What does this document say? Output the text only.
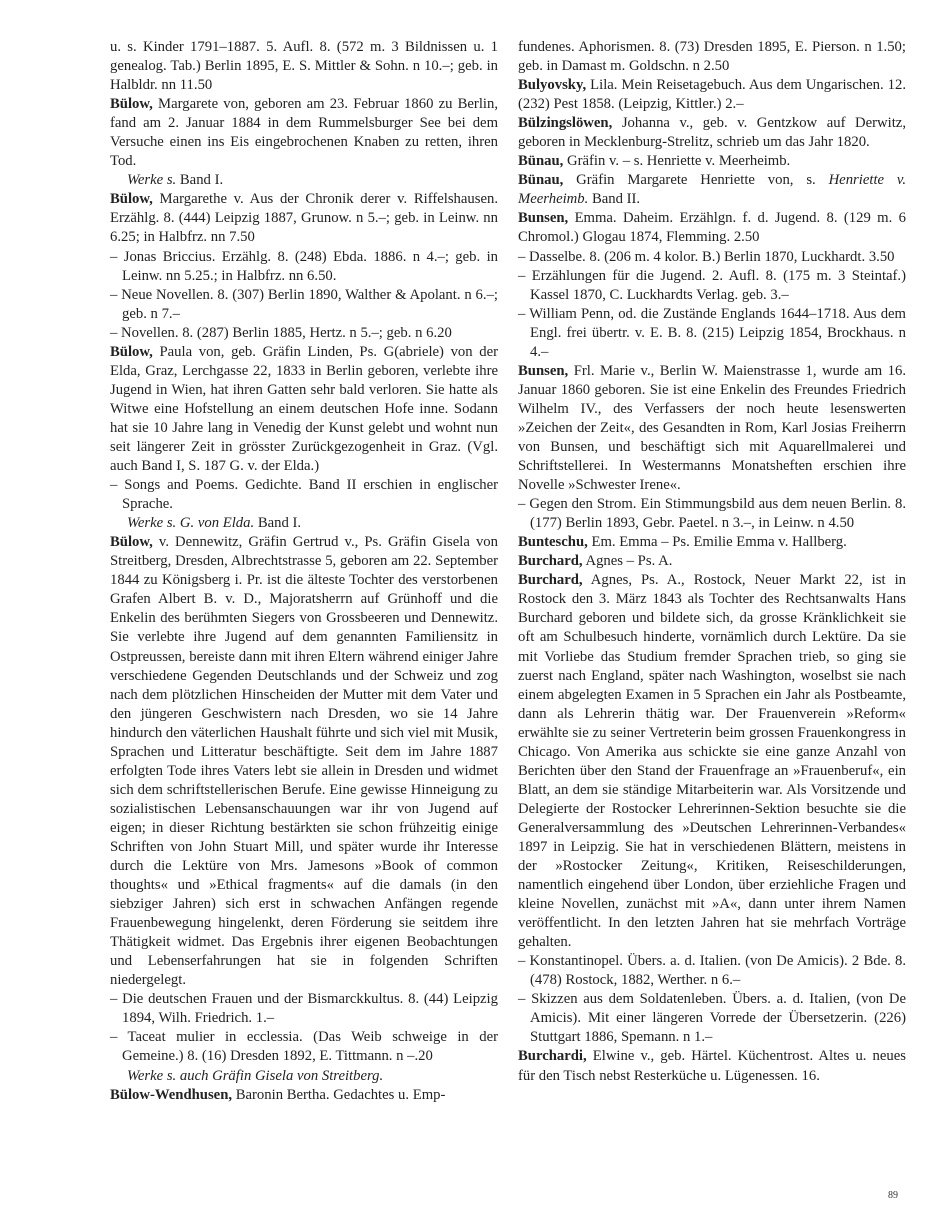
u. s. Kinder 1791–1887. 5. Aufl. 8. (572 m. 3 Bildnissen u. 1 genealog. Tab.) Berlin 1895, E. S. Mittler & Sohn. n 10.–; geb. in Halbldr. nn 11.50

Bülow, Margarete von, geboren am 23. Februar 1860 zu Berlin, fand am 2. Januar 1884 in dem Rummelsburger See bei dem Versuche einen ins Eis eingebrochenen Knaben zu retten, ihren Tod.

Werke s. Band I.

Bülow, Margarethe v. Aus der Chronik derer v. Riffelshausen. Erzählg. 8. (444) Leipzig 1887, Grunow. n 5.–; geb. in Leinw. nn 6.25; in Halbfrz. nn 7.50

– Jonas Briccius. Erzählg. 8. (248) Ebda. 1886. n 4.–; geb. in Leinw. nn 5.25.; in Halbfrz. nn 6.50.

– Neue Novellen. 8. (307) Berlin 1890, Walther & Apolant. n 6.–; geb. n 7.–

– Novellen. 8. (287) Berlin 1885, Hertz. n 5.–; geb. n 6.20

Bülow, Paula von, geb. Gräfin Linden, Ps. G(abriele) von der Elda, Graz, Lerchgasse 22, 1833 in Berlin geboren, verlebte ihre Jugend in Wien, hat ihren Gatten sehr bald verloren. Sie hatte als Witwe eine Hofstellung an einem deutschen Hofe inne. Sodann hat sie 10 Jahre lang in Venedig der Kunst gelebt und wohnt nun seit längerer Zeit in grösster Zurückgezogenheit in Graz. (Vgl. auch Band I, S. 187 G. v. der Elda.)

– Songs and Poems. Gedichte. Band II erschien in englischer Sprache.

Werke s. G. von Elda. Band I.

Bülow, v. Dennewitz, Gräfin Gertrud v., Ps. Gräfin Gisela von Streitberg, Dresden, Albrechtstrasse 5, geboren am 22. September 1844 zu Königsberg i. Pr. ist die älteste Tochter des verstorbenen Grafen Albert B. v. D., Majoratsherrn auf Grünhoff und die Enkelin des berühmten Siegers von Grossbeeren und Dennewitz. Sie verlebte ihre Jugend auf dem genannten Familiensitz in Ostpreussen, bereiste dann mit ihren Eltern während einiger Jahre verschiedene Gegenden Deutschlands und der Schweiz und zog nach dem plötzlichen Hinscheiden der Mutter mit dem Vater und den jüngeren Geschwistern nach Dresden, wo sie 14 Jahre hindurch den väterlichen Haushalt führte und sich viel mit Musik, Sprachen und Litteratur beschäftigte. Seit dem im Jahre 1887 erfolgten Tode ihres Vaters lebt sie allein in Dresden und widmet sich dem schriftstellerischen Berufe. Eine gewisse Hinneigung zu sozialistischen Lebensanschauungen war ihr von Jugend auf eigen; in dieser Richtung bestärkten sie schon frühzeitig einige Schriften von John Stuart Mill, und später wurde ihr Interesse durch die Lektüre von Mrs. Jamesons »Book of common thoughts« und »Ethical fragments« auf die damals (in den siebziger Jahren) sich erst in schwachen Anfängen regende Frauenbewegung hingelenkt, deren Förderung sie seitdem ihre Thätigkeit widmet. Das Ergebnis ihrer eigenen Beobachtungen und Lebenserfahrungen hat sie in folgenden Schriften niedergelegt.

– Die deutschen Frauen und der Bismarckkultus. 8. (44) Leipzig 1894, Wilh. Friedrich. 1.–

– Taceat mulier in ecclessia. (Das Weib schweige in der Gemeine.) 8. (16) Dresden 1892, E. Tittmann. n –.20

Werke s. auch Gräfin Gisela von Streitberg.

Bülow-Wendhusen, Baronin Bertha. Gedachtes u. Emp-

fundenes. Aphorismen. 8. (73) Dresden 1895, E. Pierson. n 1.50; geb. in Damast m. Goldschn. n 2.50

Bulyovsky, Lila. Mein Reisetagebuch. Aus dem Ungarischen. 12. (232) Pest 1858. (Leipzig, Kittler.) 2.–

Bülzingslöwen, Johanna v., geb. v. Gentzkow auf Derwitz, geboren in Mecklenburg-Strelitz, schrieb um das Jahr 1820.

Bünau, Gräfin v. – s. Henriette v. Meerheimb.

Bünau, Gräfin Margarete Henriette von, s. Henriette v. Meerheimb. Band II.

Bunsen, Emma. Daheim. Erzählgn. f. d. Jugend. 8. (129 m. 6 Chromol.) Glogau 1874, Flemming. 2.50

– Dasselbe. 8. (206 m. 4 kolor. B.) Berlin 1870, Luckhardt. 3.50

– Erzählungen für die Jugend. 2. Aufl. 8. (175 m. 3 Steintaf.) Kassel 1870, C. Luckhardts Verlag. geb. 3.–

– William Penn, od. die Zustände Englands 1644–1718. Aus dem Engl. frei übertr. v. E. B. 8. (215) Leipzig 1854, Brockhaus. n 4.–

Bunsen, Frl. Marie v., Berlin W. Maienstrasse 1, wurde am 16. Januar 1860 geboren. Sie ist eine Enkelin des Freundes Friedrich Wilhelm IV., des Verfassers der noch heute lesenswerten »Zeichen der Zeit«, des Gesandten in Rom, Karl Josias Freiherrn von Bunsen, und beschäftigt sich mit Aquarellmalerei und Schriftstellerei. In Westermanns Monatsheften erschien ihre Novelle »Schwester Irene«.

– Gegen den Strom. Ein Stimmungsbild aus dem neuen Berlin. 8. (177) Berlin 1893, Gebr. Paetel. n 3.–, in Leinw. n 4.50

Bunteschu, Em. Emma – Ps. Emilie Emma v. Hallberg.

Burchard, Agnes – Ps. A.

Burchard, Agnes, Ps. A., Rostock, Neuer Markt 22, ist in Rostock den 3. März 1843 als Tochter des Rechtsanwalts Hans Burchard geboren und bildete sich, da grosse Kränklichkeit sie oft am Schulbesuch hinderte, vornämlich durch Lektüre. Da sie mit Vorliebe das Studium fremder Sprachen trieb, so ging sie zuerst nach England, später nach Washington, woselbst sie nach einem abgelegten Examen in 5 Sprachen ein Jahr als Postbeamte, dann als Lehrerin thätig war. Der Frauenverein »Reform« erwählte sie zu seiner Vertreterin beim grossen Frauenkongress in Chicago. Von Amerika aus schickte sie eine ganze Anzahl von Berichten über den Stand der Frauenfrage an »Frauenberuf«, ein Blatt, an dem sie ständige Mitarbeiterin war. Als Vorsitzende und Delegierte der Rostocker Lehrerinnen-Sektion besuchte sie die Generalversammlung des »Deutschen Lehrerinnen-Verbandes« 1897 in Leipzig. Sie hat in verschiedenen Blättern, meistens in der »Rostocker Zeitung«, Kritiken, Reiseschilderungen, namentlich eingehend über London, über erziehliche Fragen und kleine Novellen, zunächst mit »A«, dann unter ihrem Namen veröffentlicht. In den letzten Jahren hat sie mehrfach Vorträge gehalten.

– Konstantinopel. Übers. a. d. Italien. (von De Amicis). 2 Bde. 8. (478) Rostock, 1882, Werther. n 6.–

– Skizzen aus dem Soldatenleben. Übers. a. d. Italien, (von De Amicis). Mit einer längeren Vorrede der Übersetzerin. (226) Stuttgart 1886, Spemann. n 1.–

Burchardi, Elwine v., geb. Härtel. Küchentrost. Altes u. neues für den Tisch nebst Resterküche u. Lügenessen. 16.

89
